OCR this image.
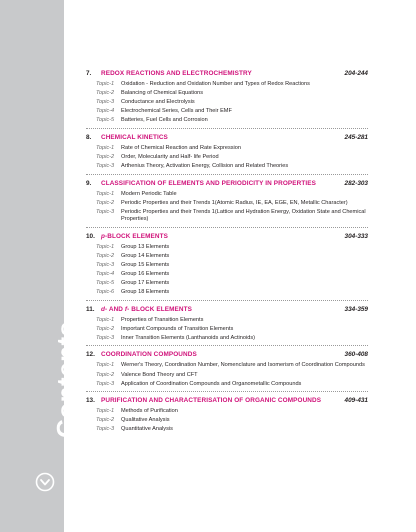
Contents
7.	REDOX REACTIONS AND ELECTROCHEMISTRY	204-244
Topic-1	Oxidation - Reduction and Oxidation Number and Types of Redox Reactions
Topic-2	Balancing of Chemical Equations
Topic-3	Conductance and Electrolysis
Topic-4	Electrochemical Series, Cells and Their EMF
Topic-5	Batteries, Fuel Cells and Corrosion
8.	CHEMICAL KINETICS	245-281
Topic-1	Rate of Chemical Reaction and Rate Expression
Topic-2	Order, Molecularity and Half- life Period
Topic-3	Arthenius Theory, Activation Energy, Collision and Related Theories
9.	CLASSIFICATION OF ELEMENTS AND PERIODICITY IN PROPERTIES	282-303
Topic-1	Modern Periodic Table
Topic-2	Periodic Properties and their Trends 1(Atomic Radius, IE, EA, EGE, EN, Metallic Character)
Topic-3	Periodic Properties and their Trends 1(Lattice and Hydration Energy, Oxidation State and Chemical Properties)
10. p-BLOCK ELEMENTS	304-333
Topic-1	Group 13 Elements
Topic-2	Group 14 Elements
Topic-3	Group 15 Elements
Topic-4	Group 16 Elements
Topic-5	Group 17 Elements
Topic-6	Group 18 Elements
11.	d- AND f- BLOCK ELEMENTS	334-359
Topic-1	Properties of Transition Elements
Topic-2	Important Compounds of Transition Elements
Topic-3	Inner Transition Elements (Lanthanoids and Actinoids)
12. COORDINATION COMPOUNDS	360-408
Topic-1	Werner's Theory, Coordination Number, Nomenclature and Isomerism of Coordination Compounds
Topic-2	Valence Bond Theory and CFT
Topic-3	Application of Coordination Compounds and Organometallic Compounds
13. PURIFICATION AND CHARACTERISATION OF ORGANIC COMPOUNDS	409-431
Topic-1	Methods of Purification
Topic-2	Qualitative Analysis
Topic-3	Quantitative Analysis
